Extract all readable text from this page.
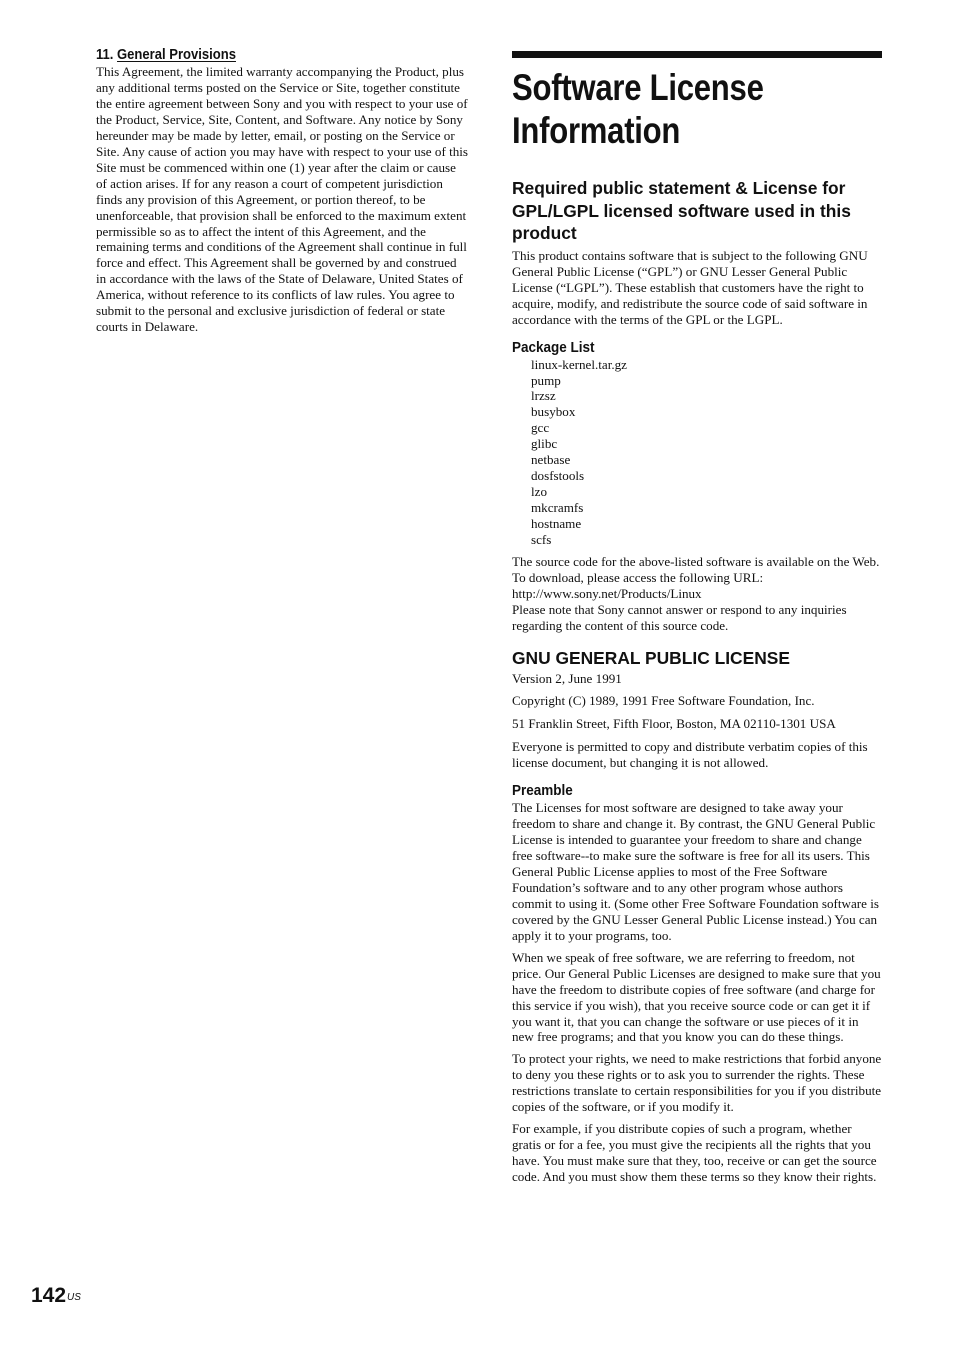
11. General Provisions

This Agreement, the limited warranty accompanying the Product, plus any additional terms posted on the Service or Site, together constitute the entire agreement between Sony and you with respect to your use of the Product, Service, Site, Content, and Software. Any notice by Sony hereunder may be made by letter, email, or posting on the Service or Site. Any cause of action you may have with respect to your use of this Site must be commenced within one (1) year after the claim or cause of action arises. If for any reason a court of competent jurisdiction finds any provision of this Agreement, or portion thereof, to be unenforceable, that provision shall be enforced to the maximum extent permissible so as to affect the intent of this Agreement, and the remaining terms and conditions of the Agreement shall continue in full force and effect. This Agreement shall be governed by and construed in accordance with the laws of the State of Delaware, United States of America, without reference to its conflicts of law rules. You agree to submit to the personal and exclusive jurisdiction of federal or state courts in Delaware.

Software License
Information
Required public statement & License for GPL/LGPL licensed software used in this product

This product contains software that is subject to the following GNU General Public License (“GPL”) or GNU Lesser General Public License (“LGPL”). These establish that customers have the right to acquire, modify, and redistribute the source code of said software in accordance with the terms of the GPL or the LGPL.

Package List
linux-kernel.tar.gz
pump
lrzsz
busybox
gcc
glibc
netbase
dosfstools
lzo
mkcramfs
hostname
scfs

The source code for the above-listed software is available on the Web.

To download, please access the following URL:

http://www.sony.net/Products/Linux

Please note that Sony cannot answer or respond to any inquiries regarding the content of this source code.

GNU GENERAL PUBLIC LICENSE

Version 2, June 1991

Copyright (C) 1989, 1991 Free Software Foundation, Inc.

51 Franklin Street, Fifth Floor, Boston, MA 02110-1301 USA

Everyone is permitted to copy and distribute verbatim copies of this license document, but changing it is not allowed.

Preamble

The Licenses for most software are designed to take away your freedom to share and change it. By contrast, the GNU General Public License is intended to guarantee your freedom to share and change free software--to make sure the software is free for all its users. This General Public License applies to most of the Free Software Foundation’s software and to any other program whose authors commit to using it. (Some other Free Software Foundation software is covered by the GNU Lesser General Public License instead.) You can apply it to your programs, too.

When we speak of free software, we are referring to freedom, not price. Our General Public Licenses are designed to make sure that you have the freedom to distribute copies of free software (and charge for this service if you wish), that you receive source code or can get it if you want it, that you can change the software or use pieces of it in new free programs; and that you know you can do these things.

To protect your rights, we need to make restrictions that forbid anyone to deny you these rights or to ask you to surrender the rights. These restrictions translate to certain responsibilities for you if you distribute copies of the software, or if you modify it.

For example, if you distribute copies of such a program, whether gratis or for a fee, you must give the recipients all the rights that you have. You must make sure that they, too, receive or can get the source code. And you must show them these terms so they know their rights.

$142^{US}$
